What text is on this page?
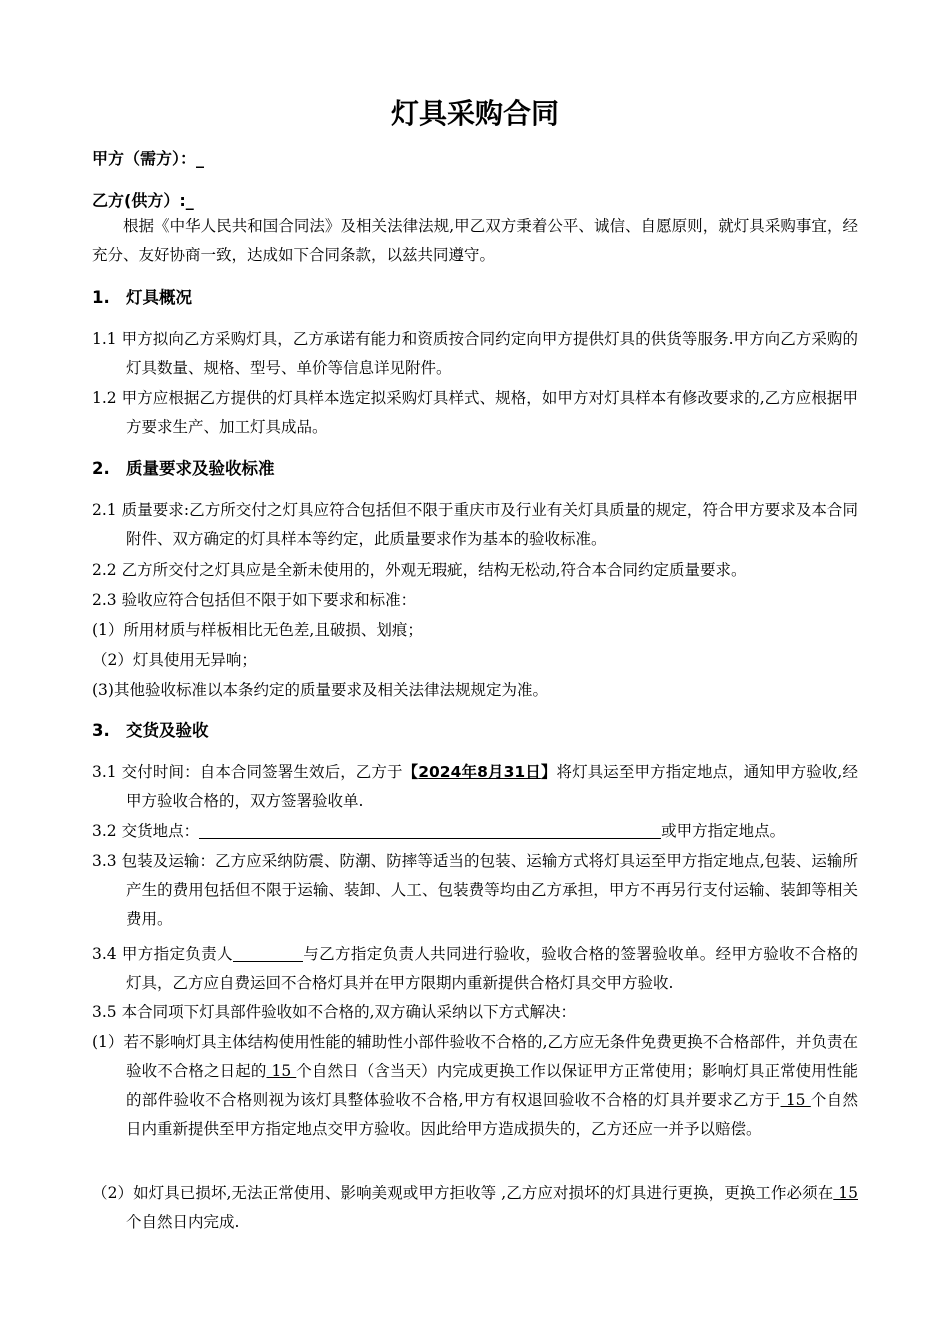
灯具采购合同
甲方（需方）：_
乙方(供方）:_

根据《中华人民共和国合同法》及相关法律法规,甲乙双方秉着公平、诚信、自愿原则，就灯具采购事宜，经充分、友好协商一致，达成如下合同条款，以兹共同遵守。

1. 灯具概况

1.1 甲方拟向乙方采购灯具，乙方承诺有能力和资质按合同约定向甲方提供灯具的供货等服务.甲方向乙方采购的灯具数量、规格、型号、单价等信息详见附件。

1.2 甲方应根据乙方提供的灯具样本选定拟采购灯具样式、规格，如甲方对灯具样本有修改要求的,乙方应根据甲方要求生产、加工灯具成品。

2. 质量要求及验收标准

2.1 质量要求:乙方所交付之灯具应符合包括但不限于重庆市及行业有关灯具质量的规定，符合甲方要求及本合同附件、双方确定的灯具样本等约定，此质量要求作为基本的验收标准。

2.2 乙方所交付之灯具应是全新未使用的，外观无瑕疵，结构无松动,符合本合同约定质量要求。

2.3 验收应符合包括但不限于如下要求和标准：

(1）所用材质与样板相比无色差,且破损、划痕；

（2）灯具使用无异响；

(3)其他验收标准以本条约定的质量要求及相关法律法规规定为准。

3. 交货及验收

3.1 交付时间：自本合同签署生效后，乙方于【2024年8月31日】将灯具运至甲方指定地点，通知甲方验收,经甲方验收合格的，双方签署验收单.

3.2 交货地点：	或甲方指定地点。

3.3 包装及运输：乙方应采纳防震、防潮、防摔等适当的包装、运输方式将灯具运至甲方指定地点,包装、运输所产生的费用包括但不限于运输、装卸、人工、包装费等均由乙方承担，甲方不再另行支付运输、装卸等相关费用。

3.4 甲方指定负责人	与乙方指定负责人共同进行验收，验收合格的签署验收单。经甲方验收不合格的灯具，乙方应自费运回不合格灯具并在甲方限期内重新提供合格灯具交甲方验收.

3.5 本合同项下灯具部件验收如不合格的,双方确认采纳以下方式解决：

(1）若不影响灯具主体结构使用性能的辅助性小部件验收不合格的,乙方应无条件免费更换不合格部件，并负责在验收不合格之日起的 15 个自然日（含当天）内完成更换工作以保证甲方正常使用；影响灯具正常使用性能的部件验收不合格则视为该灯具整体验收不合格,甲方有权退回验收不合格的灯具并要求乙方于 15 个自然日内重新提供至甲方指定地点交甲方验收。因此给甲方造成损失的，乙方还应一并予以赔偿。

（2）如灯具已损坏,无法正常使用、影响美观或甲方拒收等 ,乙方应对损坏的灯具进行更换，更换工作必须在 15 个自然日内完成.
